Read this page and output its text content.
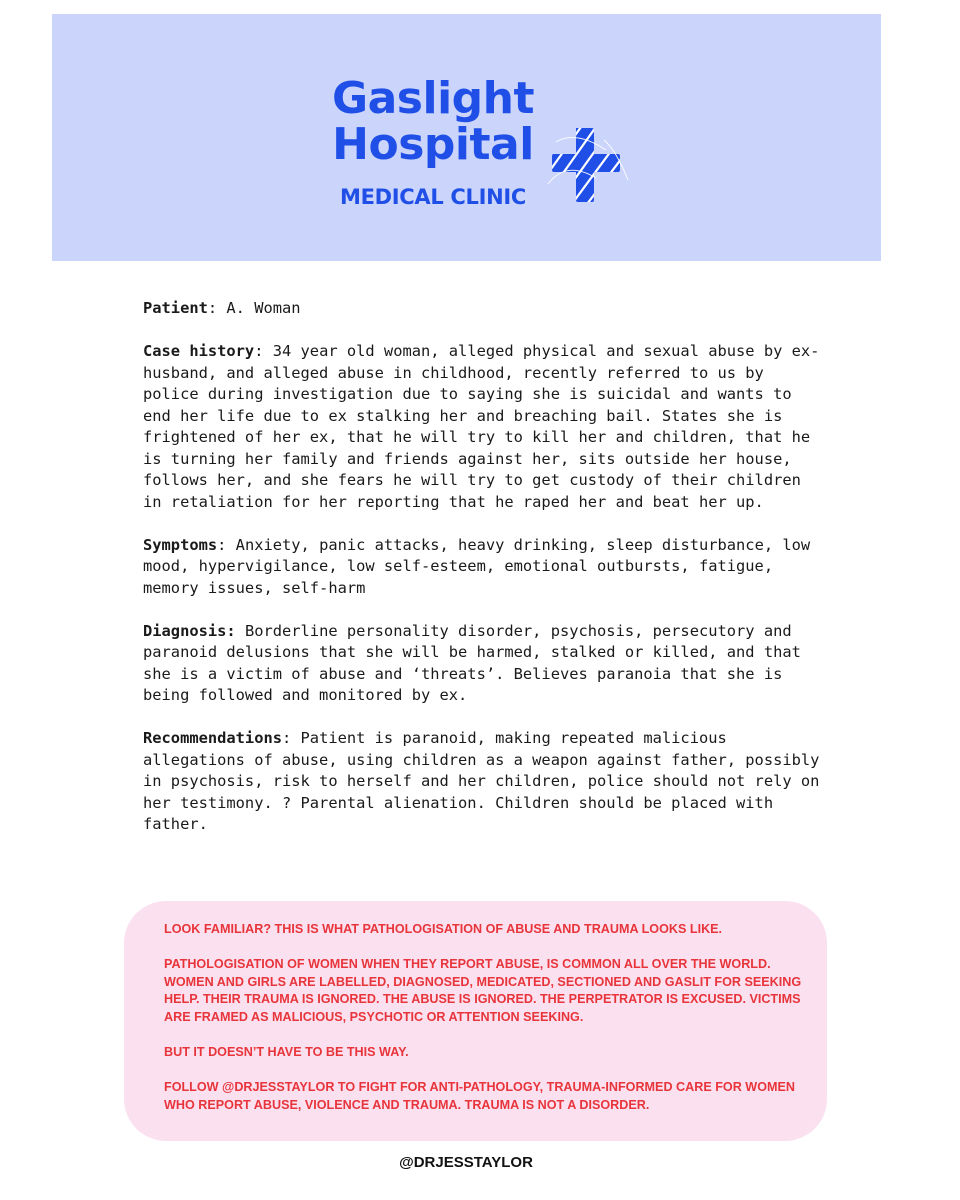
Gaslight
Hospital
MEDICAL CLINIC

Patient: A. Woman

Case history: 34 year old woman, alleged physical and sexual abuse by ex-husband, and alleged abuse in childhood, recently referred to us by police during investigation due to saying she is suicidal and wants to end her life due to ex stalking her and breaching bail. States she is frightened of her ex, that he will try to kill her and children, that he is turning her family and friends against her, sits outside her house, follows her, and she fears he will try to get custody of their children in retaliation for her reporting that he raped her and beat her up.

Symptoms: Anxiety, panic attacks, heavy drinking, sleep disturbance, low mood, hypervigilance, low self-esteem, emotional outbursts, fatigue, memory issues, self-harm

Diagnosis: Borderline personality disorder, psychosis, persecutory and paranoid delusions that she will be harmed, stalked or killed, and that she is a victim of abuse and ‘threats’. Believes paranoia that she is being followed and monitored by ex.

Recommendations: Patient is paranoid, making repeated malicious allegations of abuse, using children as a weapon against father, possibly in psychosis, risk to herself and her children, police should not rely on her testimony. ? Parental alienation. Children should be placed with father.

LOOK FAMILIAR? THIS IS WHAT PATHOLOGISATION OF ABUSE AND TRAUMA LOOKS LIKE.

PATHOLOGISATION OF WOMEN WHEN THEY REPORT ABUSE, IS COMMON ALL OVER THE WORLD. WOMEN AND GIRLS ARE LABELLED, DIAGNOSED, MEDICATED, SECTIONED AND GASLIT FOR SEEKING HELP. THEIR TRAUMA IS IGNORED. THE ABUSE IS IGNORED. THE PERPETRATOR IS EXCUSED. VICTIMS ARE FRAMED AS MALICIOUS, PSYCHOTIC OR ATTENTION SEEKING.

BUT IT DOESN’T HAVE TO BE THIS WAY.

FOLLOW @DRJESSTAYLOR TO FIGHT FOR ANTI-PATHOLOGY, TRAUMA-INFORMED CARE FOR WOMEN WHO REPORT ABUSE, VIOLENCE AND TRAUMA. TRAUMA IS NOT A DISORDER.

@DRJESSTAYLOR
